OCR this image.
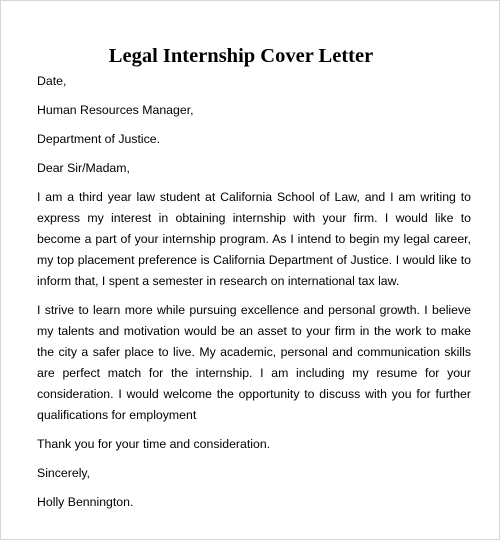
Legal Internship Cover Letter

Date,

Human Resources Manager,

Department of Justice.

Dear Sir/Madam,

I am a third year law student at California School of Law, and I am writing to express my interest in obtaining internship with your firm. I would like to become a part of your internship program. As I intend to begin my legal career, my top placement preference is California Department of Justice. I would like to inform that, I spent a semester in research on international tax law.

I strive to learn more while pursuing excellence and personal growth. I believe my talents and motivation would be an asset to your firm in the work to make the city a safer place to live. My academic, personal and communication skills are perfect match for the internship. I am including my resume for your consideration. I would welcome the opportunity to discuss with you for further qualifications for employment

Thank you for your time and consideration.

Sincerely,

Holly Bennington.
